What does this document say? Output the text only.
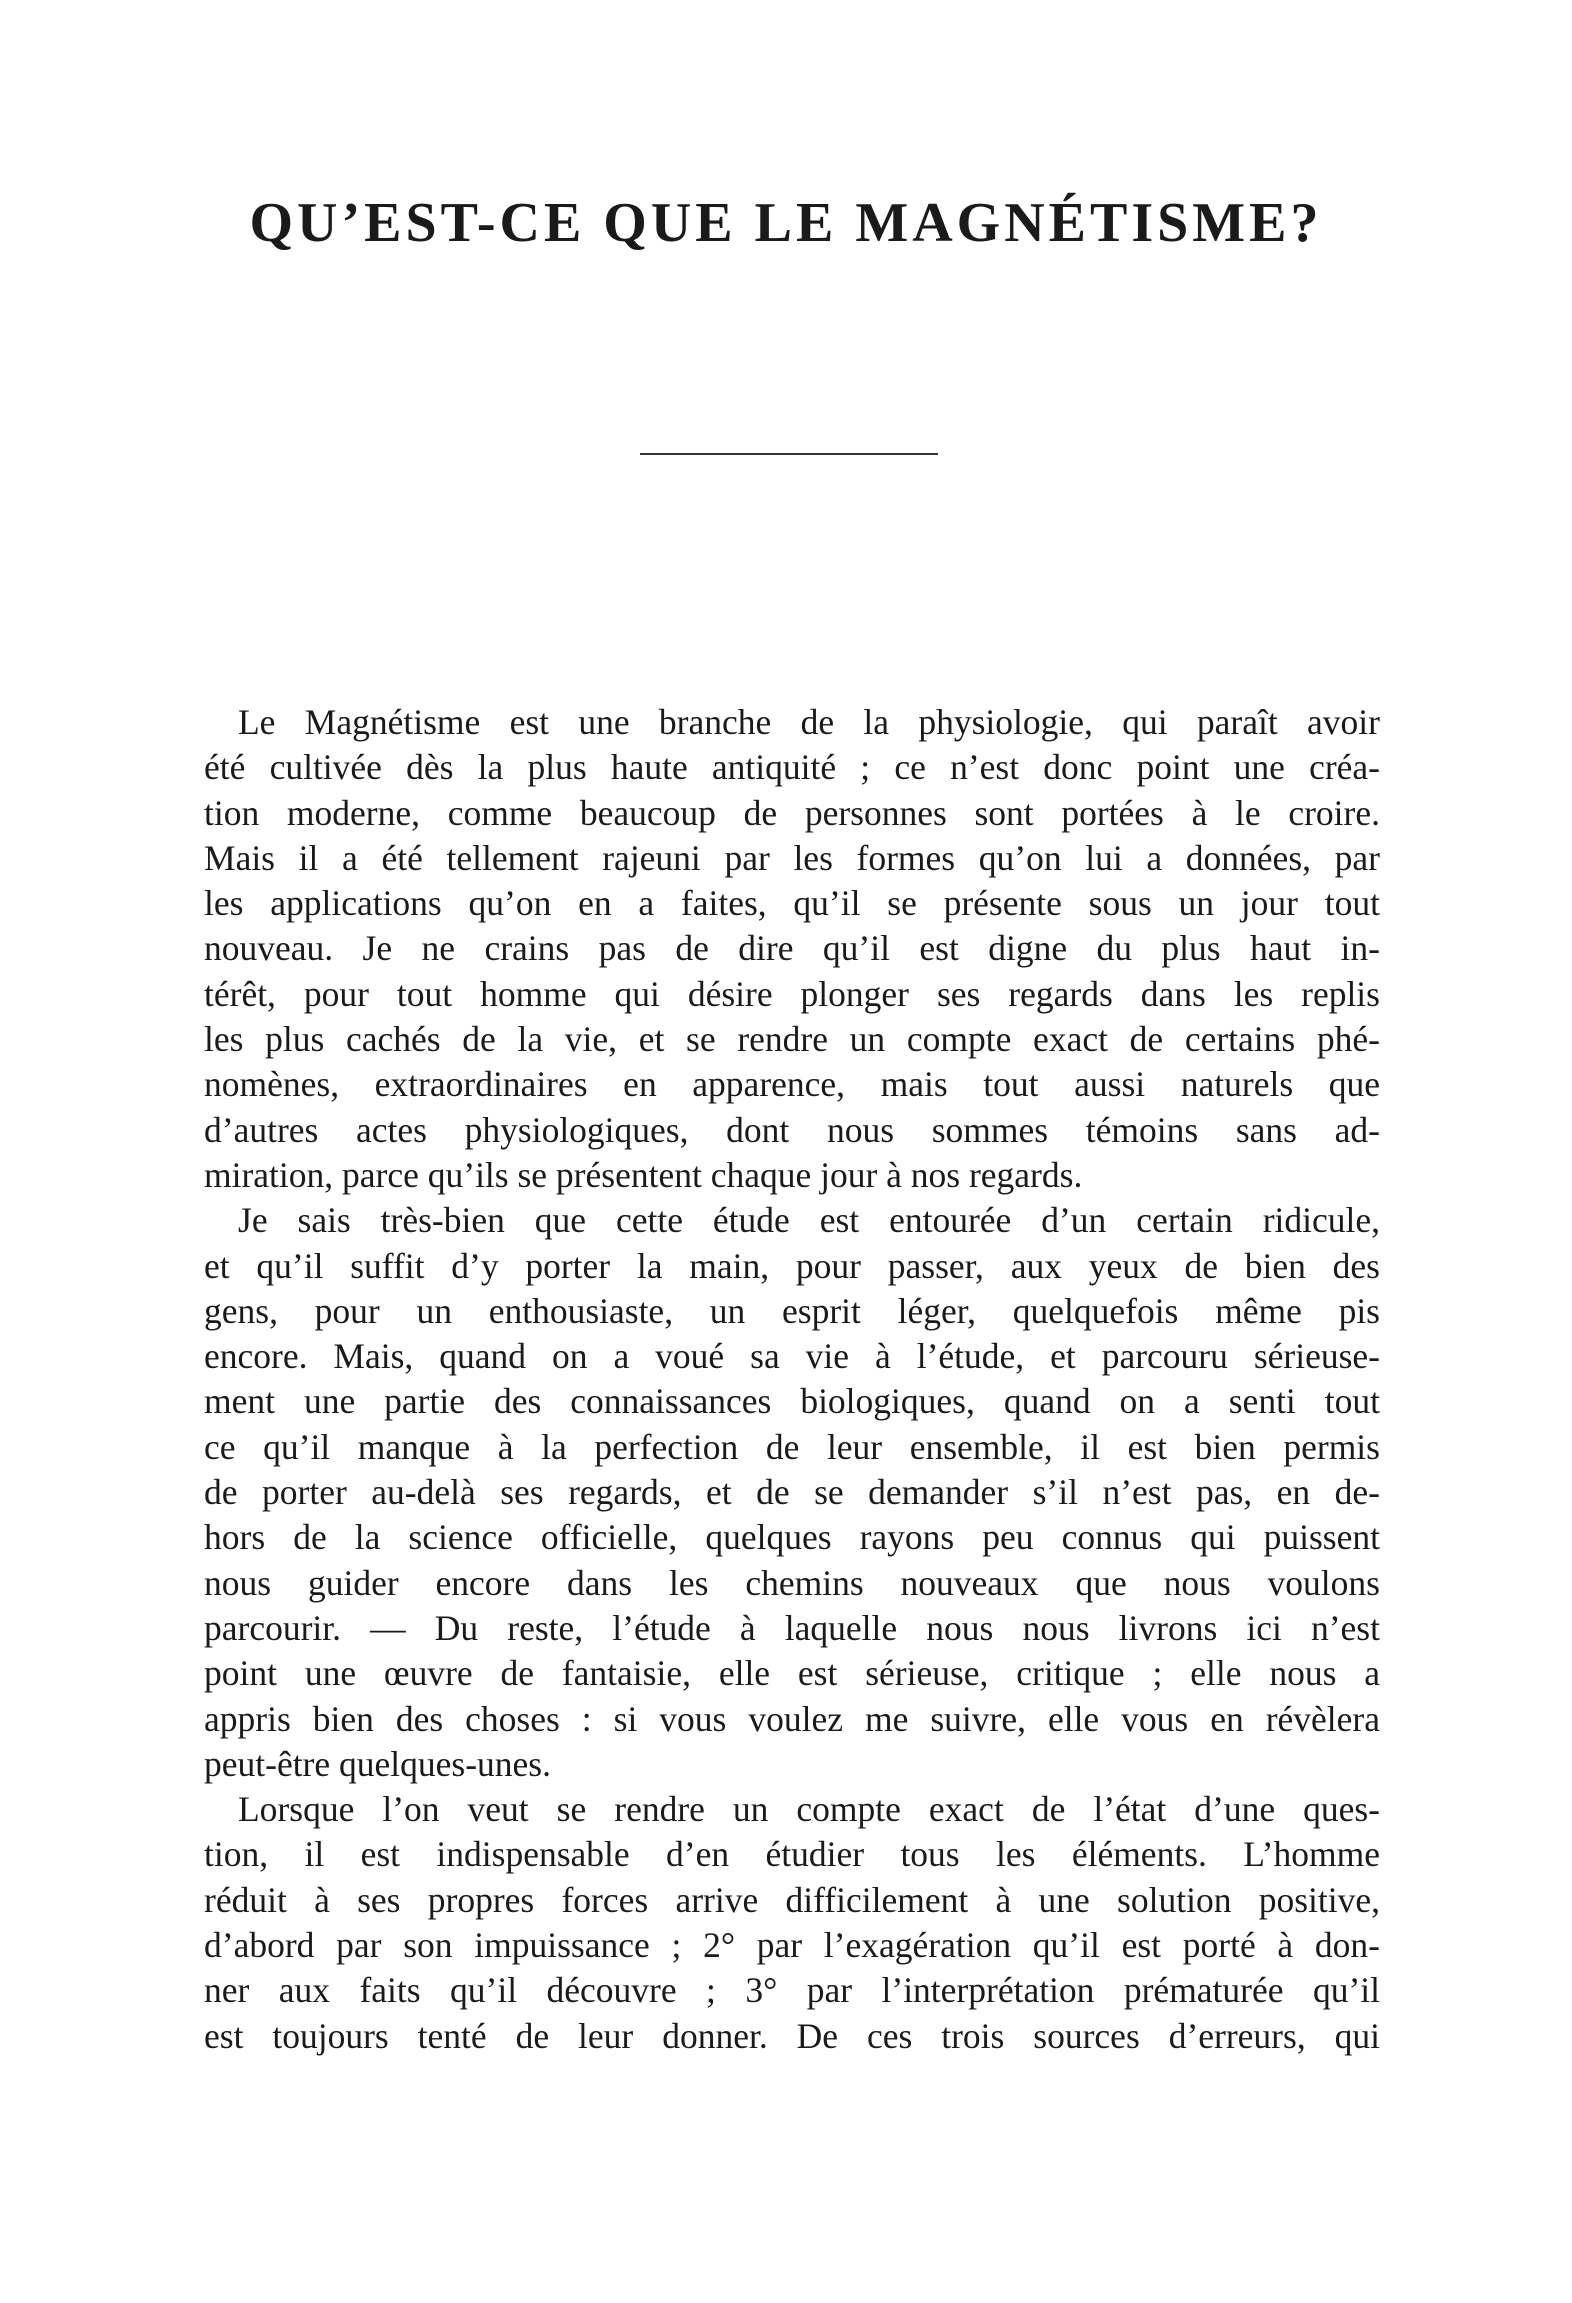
QU’EST-CE QUE LE MAGNÉTISME?

Le Magnétisme est une branche de la physiologie, qui paraît avoir
été cultivée dès la plus haute antiquité ; ce n’est donc point une créa-
tion moderne, comme beaucoup de personnes sont portées à le croire.
Mais il a été tellement rajeuni par les formes qu’on lui a données, par
les applications qu’on en a faites, qu’il se présente sous un jour tout
nouveau. Je ne crains pas de dire qu’il est digne du plus haut in-
térêt, pour tout homme qui désire plonger ses regards dans les replis
les plus cachés de la vie, et se rendre un compte exact de certains phé-
nomènes, extraordinaires en apparence, mais tout aussi naturels que
d’autres actes physiologiques, dont nous sommes témoins sans ad-
miration, parce qu’ils se présentent chaque jour à nos regards.

Je sais très-bien que cette étude est entourée d’un certain ridicule,
et qu’il suffit d’y porter la main, pour passer, aux yeux de bien des
gens, pour un enthousiaste, un esprit léger, quelquefois même pis
encore. Mais, quand on a voué sa vie à l’étude, et parcouru sérieuse-
ment une partie des connaissances biologiques, quand on a senti tout
ce qu’il manque à la perfection de leur ensemble, il est bien permis
de porter au-delà ses regards, et de se demander s’il n’est pas, en de-
hors de la science officielle, quelques rayons peu connus qui puissent
nous guider encore dans les chemins nouveaux que nous voulons
parcourir. — Du reste, l’étude à laquelle nous nous livrons ici n’est
point une œuvre de fantaisie, elle est sérieuse, critique ; elle nous a
appris bien des choses : si vous voulez me suivre, elle vous en révèlera
peut-être quelques-unes.

Lorsque l’on veut se rendre un compte exact de l’état d’une ques-
tion, il est indispensable d’en étudier tous les éléments. L’homme
réduit à ses propres forces arrive difficilement à une solution positive,
d’abord par son impuissance ; 2° par l’exagération qu’il est porté à don-
ner aux faits qu’il découvre ; 3° par l’interprétation prématurée qu’il
est toujours tenté de leur donner. De ces trois sources d’erreurs, qui
